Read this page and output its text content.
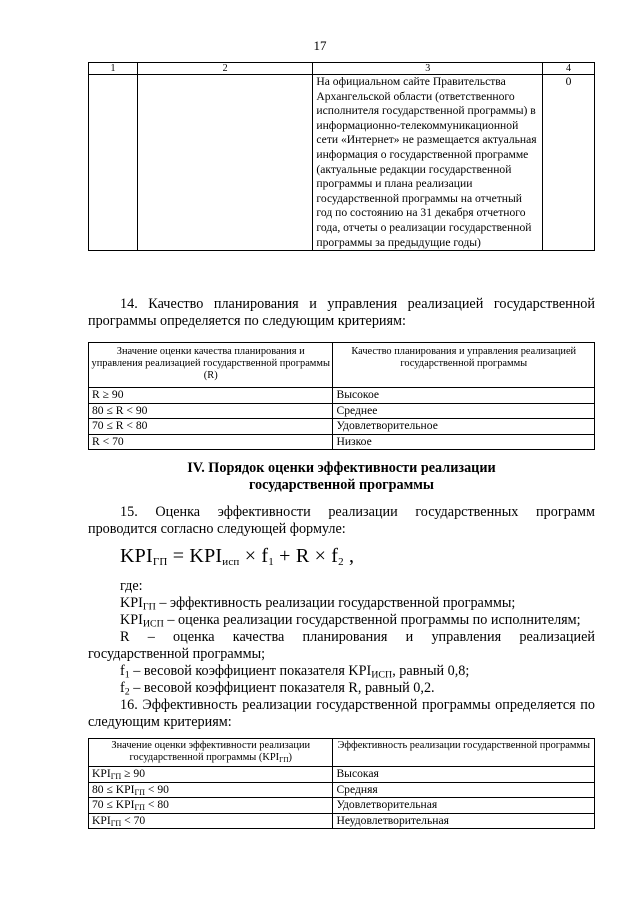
17
1	2	3	4
		На официальном сайте Правительства Архангельской области (ответственного исполнителя государственной программы) в информационно-телекоммуникационной сети «Интернет» не размещается актуальная информация о государственной программе (актуальные редакции государственной программы и плана реализации государственной программы на отчетный год по состоянию на 31 декабря отчетного года, отчеты о реализации государственной программы за предыдущие годы)	0
14. Качество планирования и управления реализацией государственной программы определяется по следующим критериям:
Значение оценки качества планирования и управления реализацией государственной программы (R)	Качество планирования и управления реализацией государственной программы
R ≥ 90	Высокое
80 ≤ R < 90	Среднее
70 ≤ R < 80	Удовлетворительное
R < 70	Низкое
IV. Порядок оценки эффективности реализации
государственной программы
15. Оценка эффективности реализации государственных программ проводится согласно следующей формуле:
$KPI_{ГП} = KPI_{исп} \times f_1 + R \times f_2$ ,

где:

$KPI_{ГП}$ – эффективность реализации государственной программы;

$KPI_{ИСП}$ – оценка реализации государственной программы по исполнителям;

R – оценка качества планирования и управления реализацией государственной программы;

$f_1$ – весовой коэффициент показателя $KPI_{ИСП}$, равный 0,8;

$f_2$ – весовой коэффициент показателя R, равный 0,2.

16. Эффективность реализации государственной программы определяется по следующим критериям:

Значение оценки эффективности реализации государственной программы $(KPI_{ГП})$	Эффективность реализации государственной программы
$KPI_{ГП} \ge 90$	Высокая
$80 \le KPI_{ГП} < 90$	Средняя
$70 \le KPI_{ГП} < 80$	Удовлетворительная
$KPI_{ГП} < 70$	Неудовлетворительная
